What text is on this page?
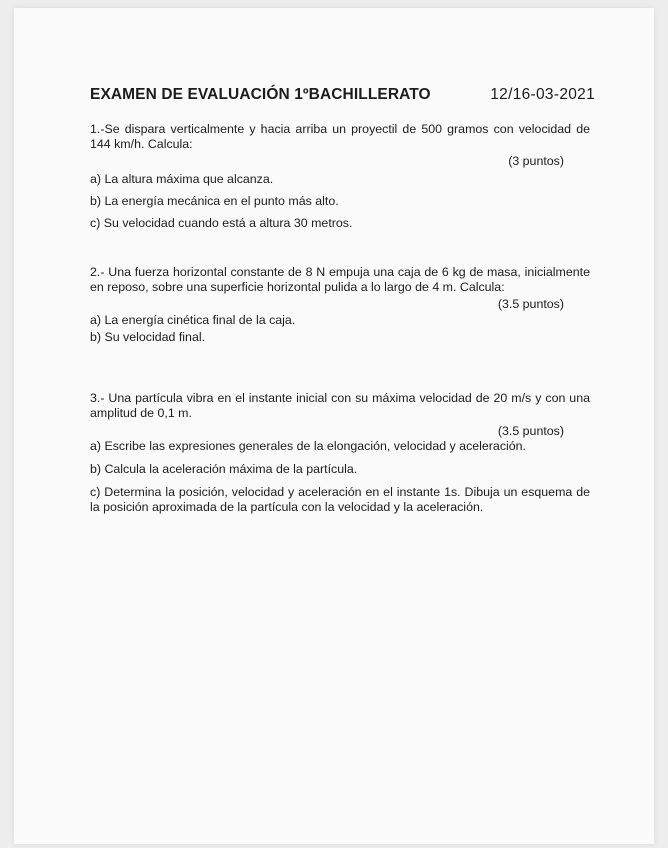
EXAMEN DE EVALUACIÓN 1ºBACHILLERATO	12/16-03-2021
1.-Se dispara verticalmente y hacia arriba un proyectil de 500 gramos con velocidad de 144 km/h. Calcula:
(3 puntos)
a) La altura máxima que alcanza.
b) La energía mecánica en el punto más alto.
c) Su velocidad cuando está a altura 30 metros.
2.- Una fuerza horizontal constante de 8 N empuja una caja de 6 kg de masa, inicialmente en reposo, sobre una superficie horizontal pulida a lo largo de 4 m. Calcula:
(3.5 puntos)
a) La energía cinética final de la caja.
b) Su velocidad final.
3.- Una partícula vibra en el instante inicial con su máxima velocidad de 20 m/s y con una amplitud de 0,1 m.
(3.5 puntos)
a) Escribe las expresiones generales de la elongación, velocidad y aceleración.
b) Calcula la aceleración máxima de la partícula.
c) Determina la posición, velocidad y aceleración en el instante 1s. Dibuja un esquema de la posición aproximada de la partícula con la velocidad y la aceleración.
